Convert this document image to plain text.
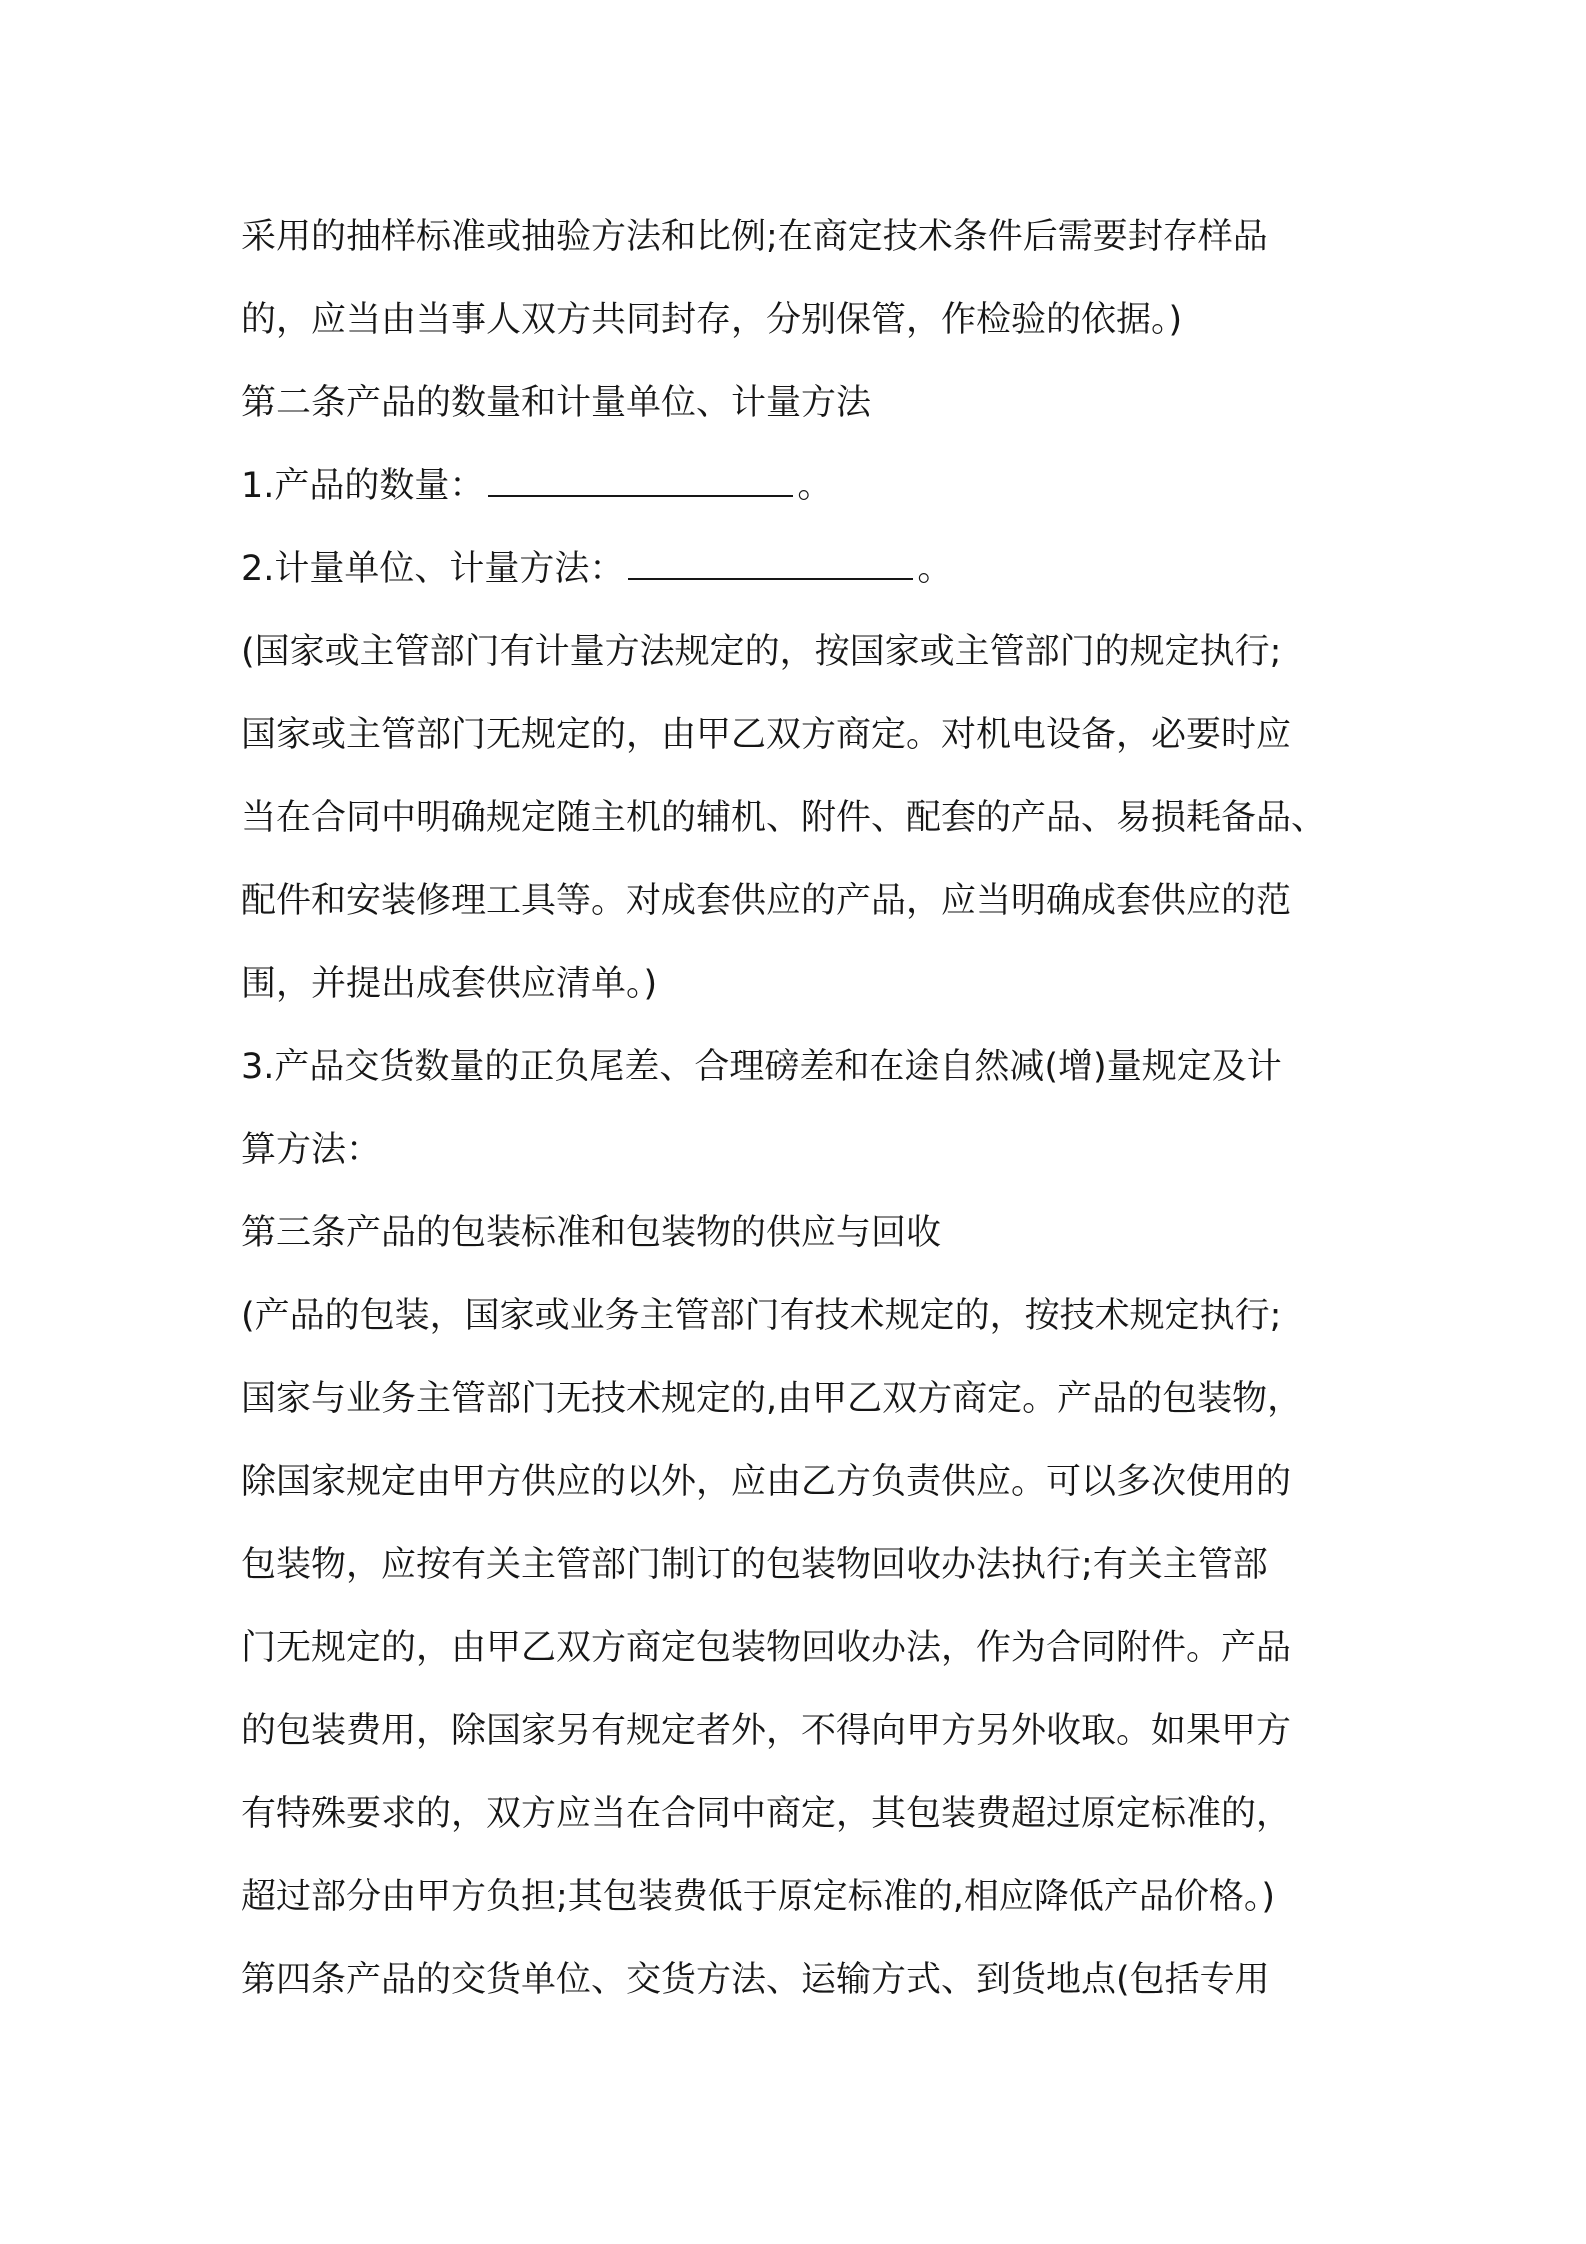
采用的抽样标准或抽验方法和比例;在商定技术条件后需要封存样品
的，应当由当事人双方共同封存，分别保管，作检验的依据。)
第二条产品的数量和计量单位、计量方法
1.产品的数量：	。
2.计量单位、计量方法：	。
(国家或主管部门有计量方法规定的，按国家或主管部门的规定执行;
国家或主管部门无规定的，由甲乙双方商定。对机电设备，必要时应
当在合同中明确规定随主机的辅机、附件、配套的产品、易损耗备品、
配件和安装修理工具等。对成套供应的产品，应当明确成套供应的范
围，并提出成套供应清单。)
3.产品交货数量的正负尾差、合理磅差和在途自然减(增)量规定及计
算方法：
第三条产品的包装标准和包装物的供应与回收
(产品的包装，国家或业务主管部门有技术规定的，按技术规定执行;
国家与业务主管部门无技术规定的,由甲乙双方商定。产品的包装物，
除国家规定由甲方供应的以外，应由乙方负责供应。可以多次使用的
包装物，应按有关主管部门制订的包装物回收办法执行;有关主管部
门无规定的，由甲乙双方商定包装物回收办法，作为合同附件。产品
的包装费用，除国家另有规定者外，不得向甲方另外收取。如果甲方
有特殊要求的，双方应当在合同中商定，其包装费超过原定标准的，
超过部分由甲方负担;其包装费低于原定标准的,相应降低产品价格。)
第四条产品的交货单位、交货方法、运输方式、到货地点(包括专用
